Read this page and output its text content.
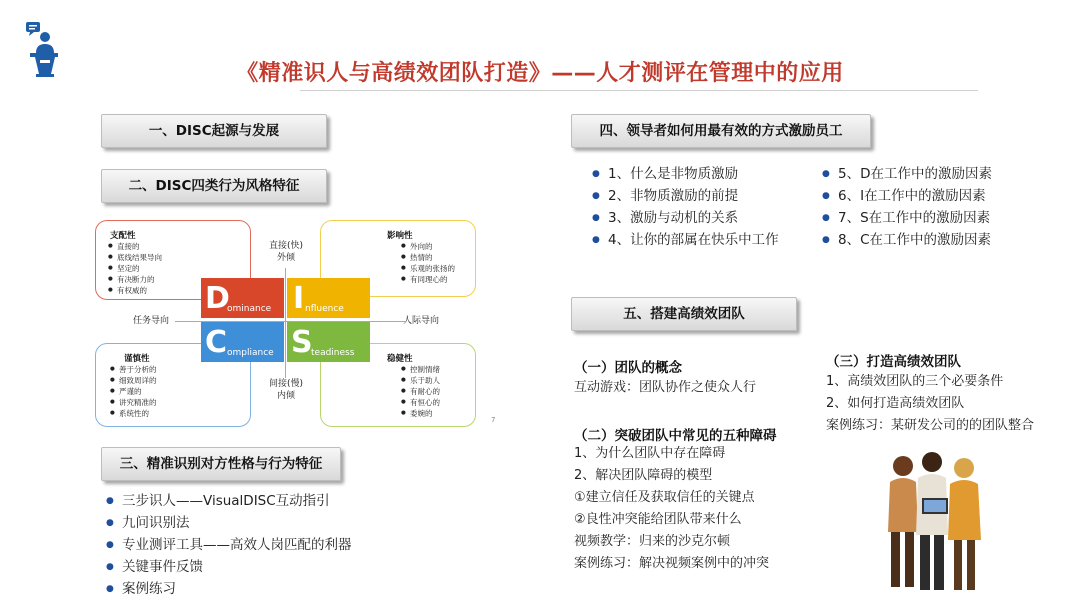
《精准识人与高绩效团队打造》——人才测评在管理中的应用
一、DISC起源与发展
二、DISC四类行为风格特征
支配性
● 直接的
● 底线结果导向
● 坚定的
● 有决断力的
● 有权威的
影响性
● 外向的
● 热情的
● 乐观的张扬的
● 有同理心的
谨慎性
● 善于分析的
● 细致周详的
● 严谨的
● 讲究精准的
● 系统性的
稳健性
● 控制情绪
● 乐于助人
● 有耐心的
● 有恒心的
● 委婉的
直接(快)
外倾
间接(慢)
内倾
任务导向	人际导向
D
ominance I nfluence
C ompliance S
teadiness
7
三、精准识别对方性格与行为特征
● 三步识人——VisualDISC互动指引
● 九问识别法
● 专业测评工具——高效人岗匹配的利器
● 关键事件反馈
● 案例练习
四、领导者如何用最有效的方式激励员工
● 1、什么是非物质激励
● 2、非物质激励的前提
● 3、激励与动机的关系
● 4、让你的部属在快乐中工作
● 5、D在工作中的激励因素
● 6、I在工作中的激励因素
● 7、S在工作中的激励因素
● 8、C在工作中的激励因素
五、搭建高绩效团队
（一）团队的概念
互动游戏：团队协作之使众人行
（二）突破团队中常见的五种障碍
1、为什么团队中存在障碍
2、解决团队障碍的模型
①建立信任及获取信任的关键点
②良性冲突能给团队带来什么
视频教学：归来的沙克尔顿
案例练习：解决视频案例中的冲突
（三）打造高绩效团队
1、高绩效团队的三个必要条件
2、如何打造高绩效团队
案例练习：某研发公司的的团队整合
